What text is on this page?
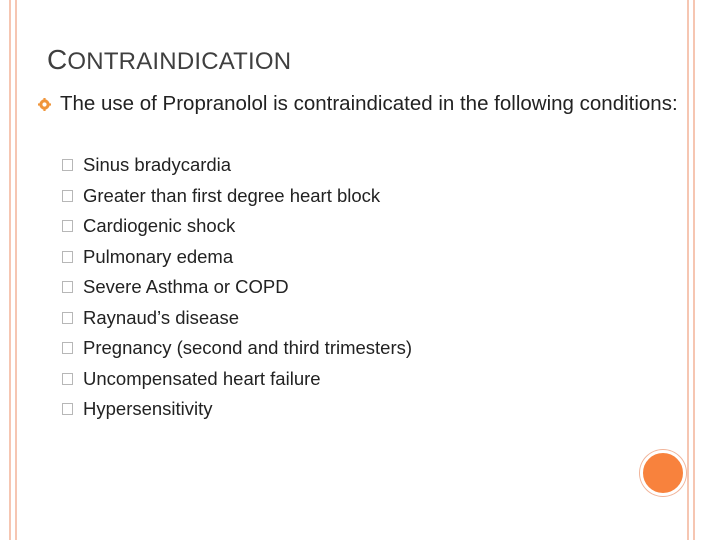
CONTRAINDICATION
The use of Propranolol is contraindicated in the following conditions:
Sinus bradycardia
Greater than first degree heart block
Cardiogenic shock
Pulmonary edema
Severe Asthma or COPD
Raynaud’s disease
Pregnancy (second and third trimesters)
Uncompensated heart failure
Hypersensitivity
